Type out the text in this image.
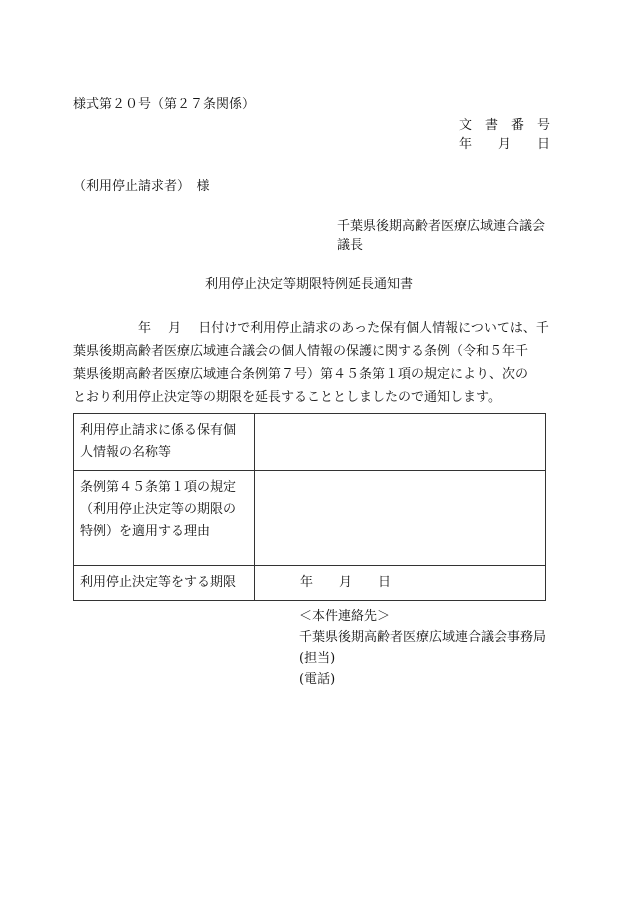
様式第２０号（第２７条関係）
文　書　番　号
年　　月　　日
（利用停止請求者）　様
千葉県後期高齢者医療広域連合議会
議長
利用停止決定等期限特例延長通知書
　　　　　年　 月　 日付けで利用停止請求のあった保有個人情報については、千
葉県後期高齢者医療広域連合議会の個人情報の保護に関する条例（令和５年千
葉県後期高齢者医療広域連合条例第７号）第４５条第１項の規定により、次の
とおり利用停止決定等の期限を延長することとしましたので通知します。
利用停止請求に係る保有個
人情報の名称等	

条例第４５条第１項の規定
（利用停止決定等の期限の
特例）を適用する理由	

利用停止決定等をする期限	年　　月　　日
＜本件連絡先＞
千葉県後期高齢者医療広域連合議会事務局
(担当)
(電話)
